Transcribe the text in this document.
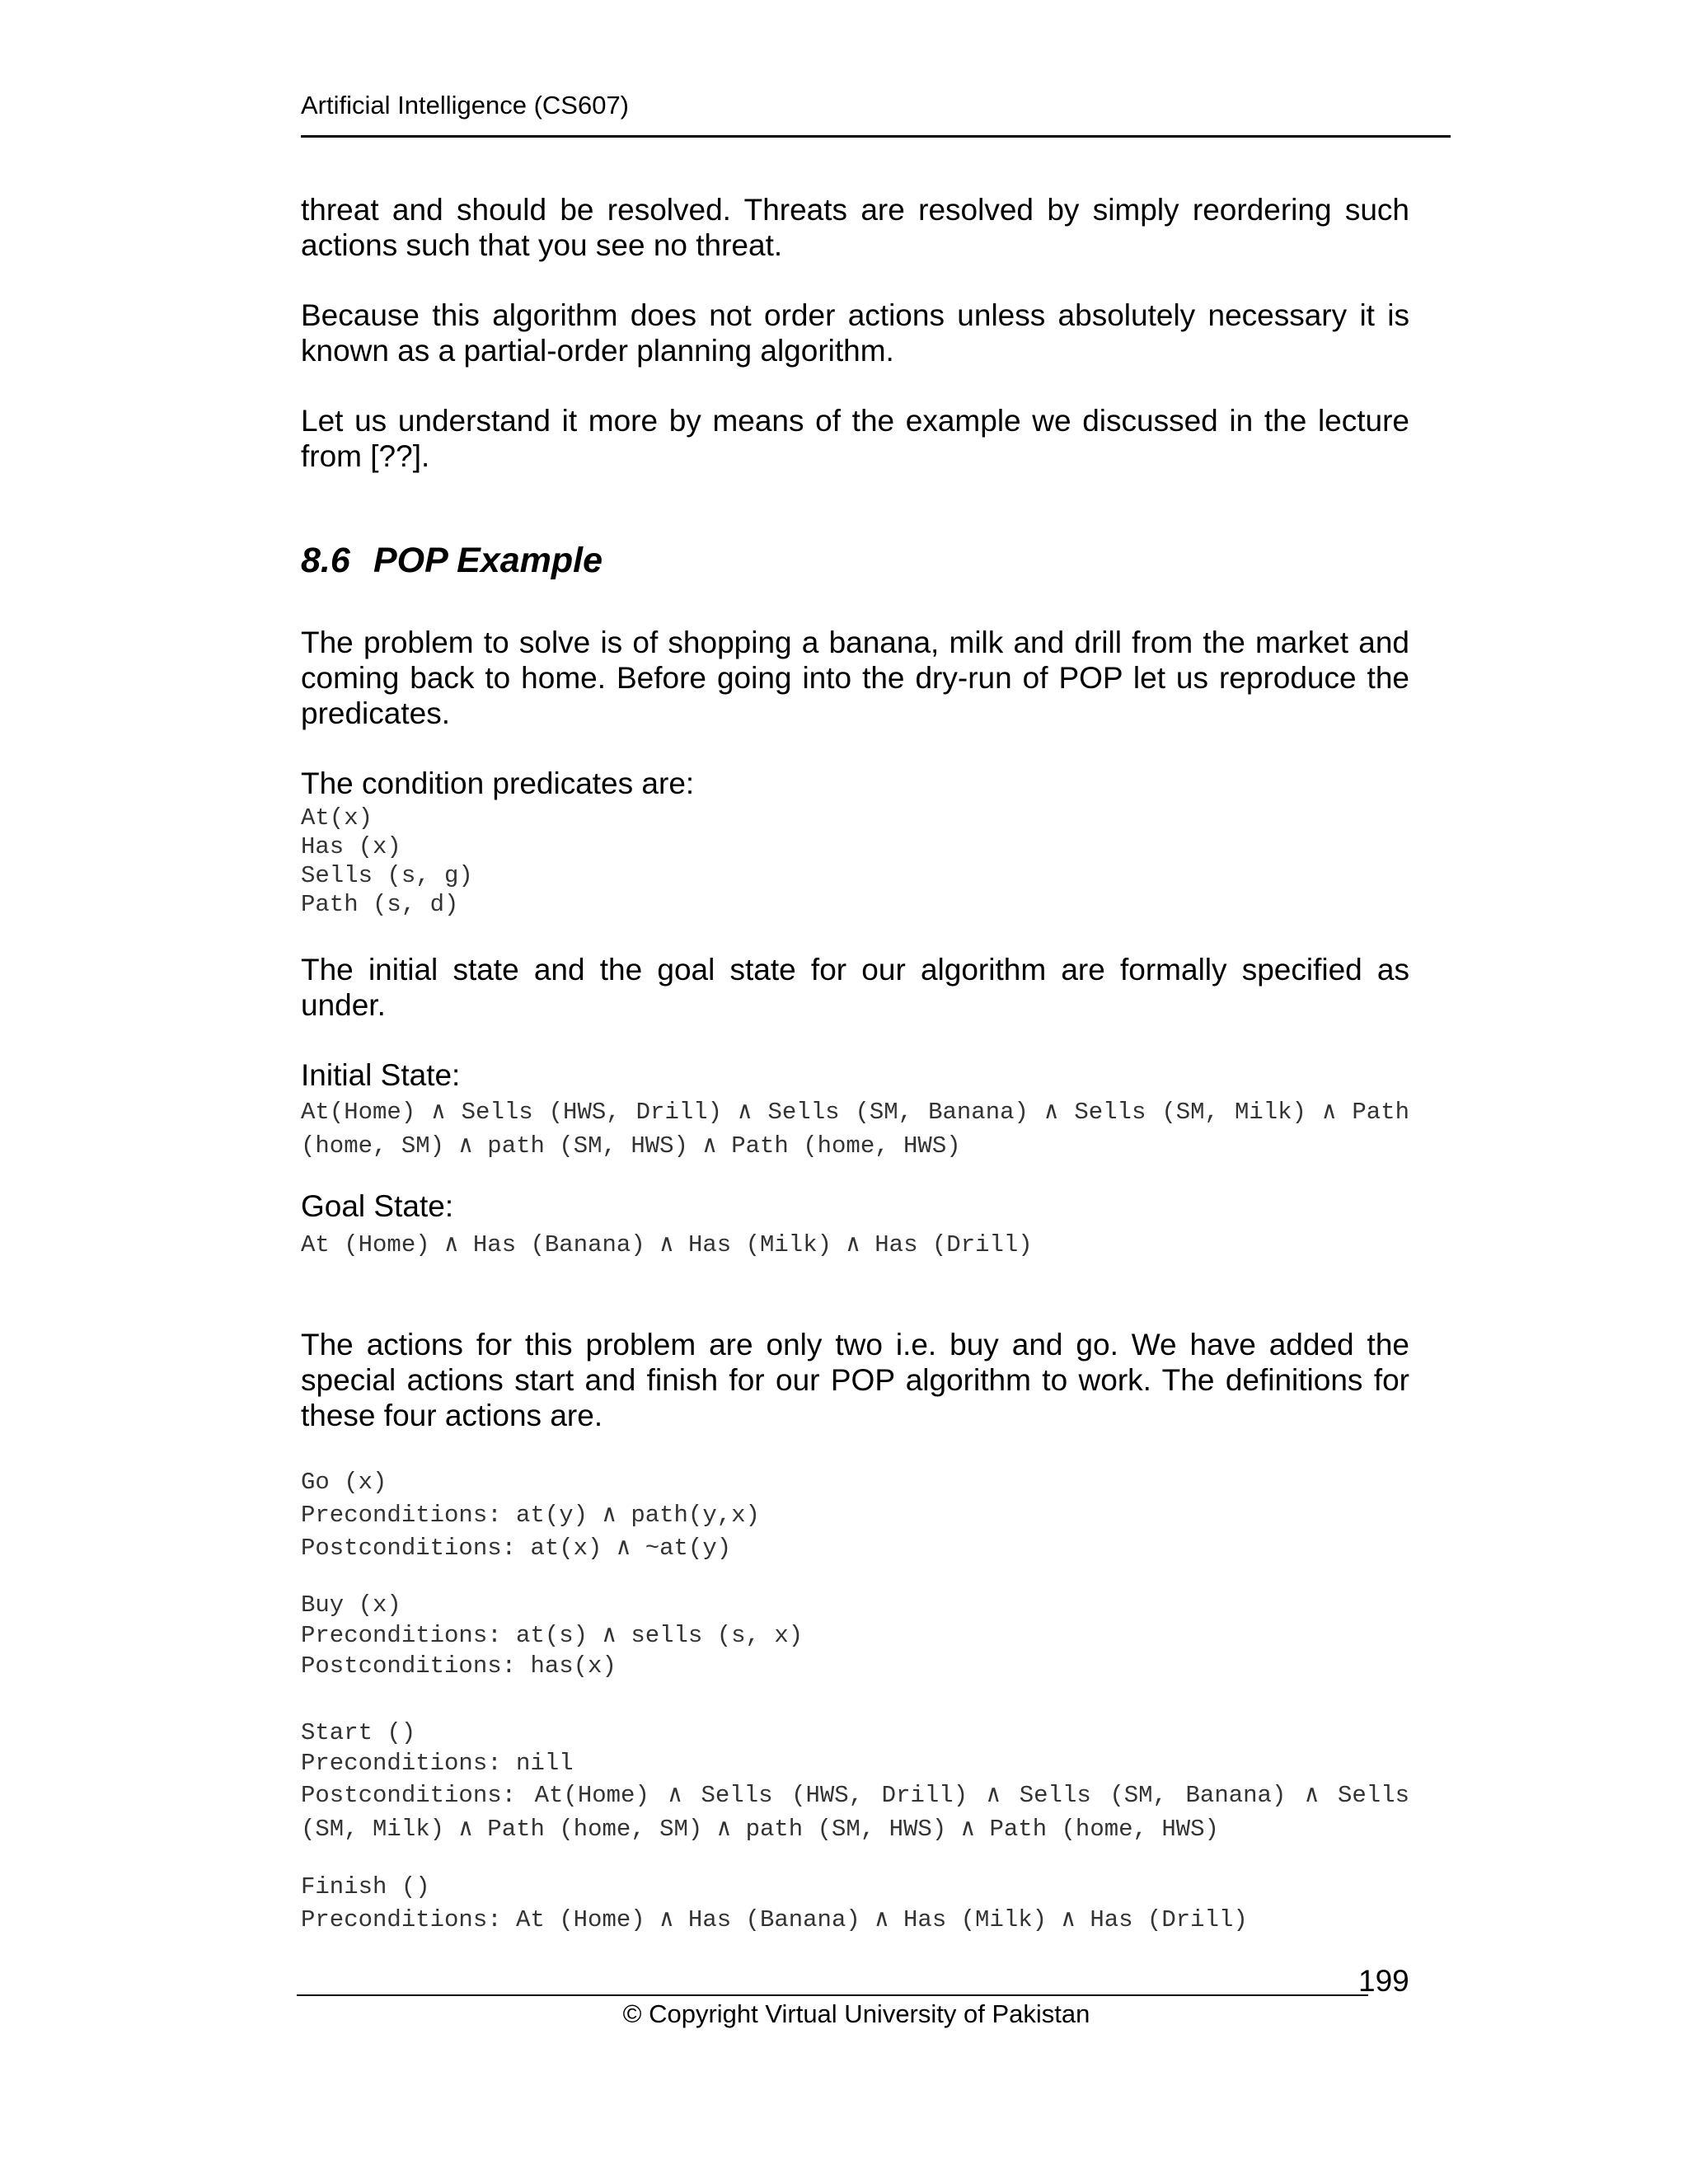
Artificial Intelligence (CS607)

threat and should be resolved. Threats are resolved by simply reordering such actions such that you see no threat.

Because this algorithm does not order actions unless absolutely necessary it is known as a partial-order planning algorithm.

Let us understand it more by means of the example we discussed in the lecture from [??].

8.6 POP Example

The problem to solve is of shopping a banana, milk and drill from the market and coming back to home. Before going into the dry-run of POP let us reproduce the predicates.

The condition predicates are:

At(x)
Has (x)
Sells (s, g)
Path (s, d)

The initial state and the goal state for our algorithm are formally specified as under.

Initial State:

At(Home) ∧ Sells (HWS, Drill) ∧ Sells (SM, Banana) ∧ Sells (SM, Milk) ∧ Path (home, SM) ∧ path (SM, HWS) ∧ Path (home, HWS)

Goal State:

At (Home) ∧ Has (Banana) ∧ Has (Milk) ∧ Has (Drill)

The actions for this problem are only two i.e. buy and go. We have added the special actions start and finish for our POP algorithm to work. The definitions for these four actions are.

Go (x)
Preconditions: at(y) ∧ path(y,x)
Postconditions: at(x) ∧ ~at(y)
Buy (x)
Preconditions: at(s) ∧ sells (s, x)
Postconditions: has(x)
Start ()
Preconditions: nill
Postconditions: At(Home) ∧ Sells (HWS, Drill) ∧ Sells (SM, Banana) ∧ Sells (SM, Milk) ∧ Path (home, SM) ∧ path (SM, HWS) ∧ Path (home, HWS)
Finish ()
Preconditions: At (Home) ∧ Has (Banana) ∧ Has (Milk) ∧ Has (Drill)
199
© Copyright Virtual University of Pakistan
